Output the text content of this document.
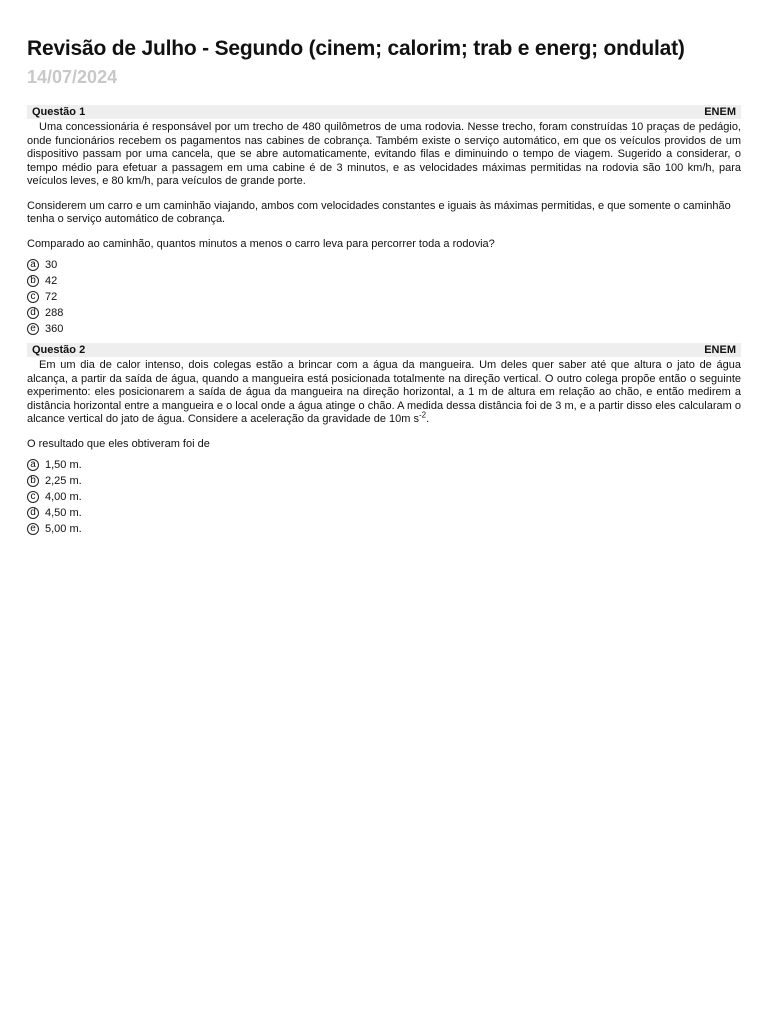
Revisão de Julho - Segundo (cinem; calorim; trab e energ; ondulat)
14/07/2024
Questão 1	ENEM

Uma concessionária é responsável por um trecho de 480 quilômetros de uma rodovia. Nesse trecho, foram construídas 10 praças de pedágio, onde funcionários recebem os pagamentos nas cabines de cobrança. Também existe o serviço automático, em que os veículos providos de um dispositivo passam por uma cancela, que se abre automaticamente, evitando filas e diminuindo o tempo de viagem. Sugerido a considerar, o tempo médio para efetuar a passagem em uma cabine é de 3 minutos, e as velocidades máximas permitidas na rodovia são 100 km/h, para veículos leves, e 80 km/h, para veículos de grande porte.

Considerem um carro e um caminhão viajando, ambos com velocidades constantes e iguais às máximas permitidas, e que somente o caminhão tenha o serviço automático de cobrança.

Comparado ao caminhão, quantos minutos a menos o carro leva para percorrer toda a rodovia?

a 30
b 42
c 72
d 288
e 360
Questão 2	ENEM

Em um dia de calor intenso, dois colegas estão a brincar com a água da mangueira. Um deles quer saber até que altura o jato de água alcança, a partir da saída de água, quando a mangueira está posicionada totalmente na direção vertical. O outro colega propõe então o seguinte experimento: eles posicionarem a saída de água da mangueira na direção horizontal, a 1 m de altura em relação ao chão, e então medirem a distância horizontal entre a mangueira e o local onde a água atinge o chão. A medida dessa distância foi de 3 m, e a partir disso eles calcularam o alcance vertical do jato de água. Considere a aceleração da gravidade de 10m $s^{-2}$.

O resultado que eles obtiveram foi de

a 1,50 m.
b 2,25 m.
c 4,00 m.
d 4,50 m.
e 5,00 m.
